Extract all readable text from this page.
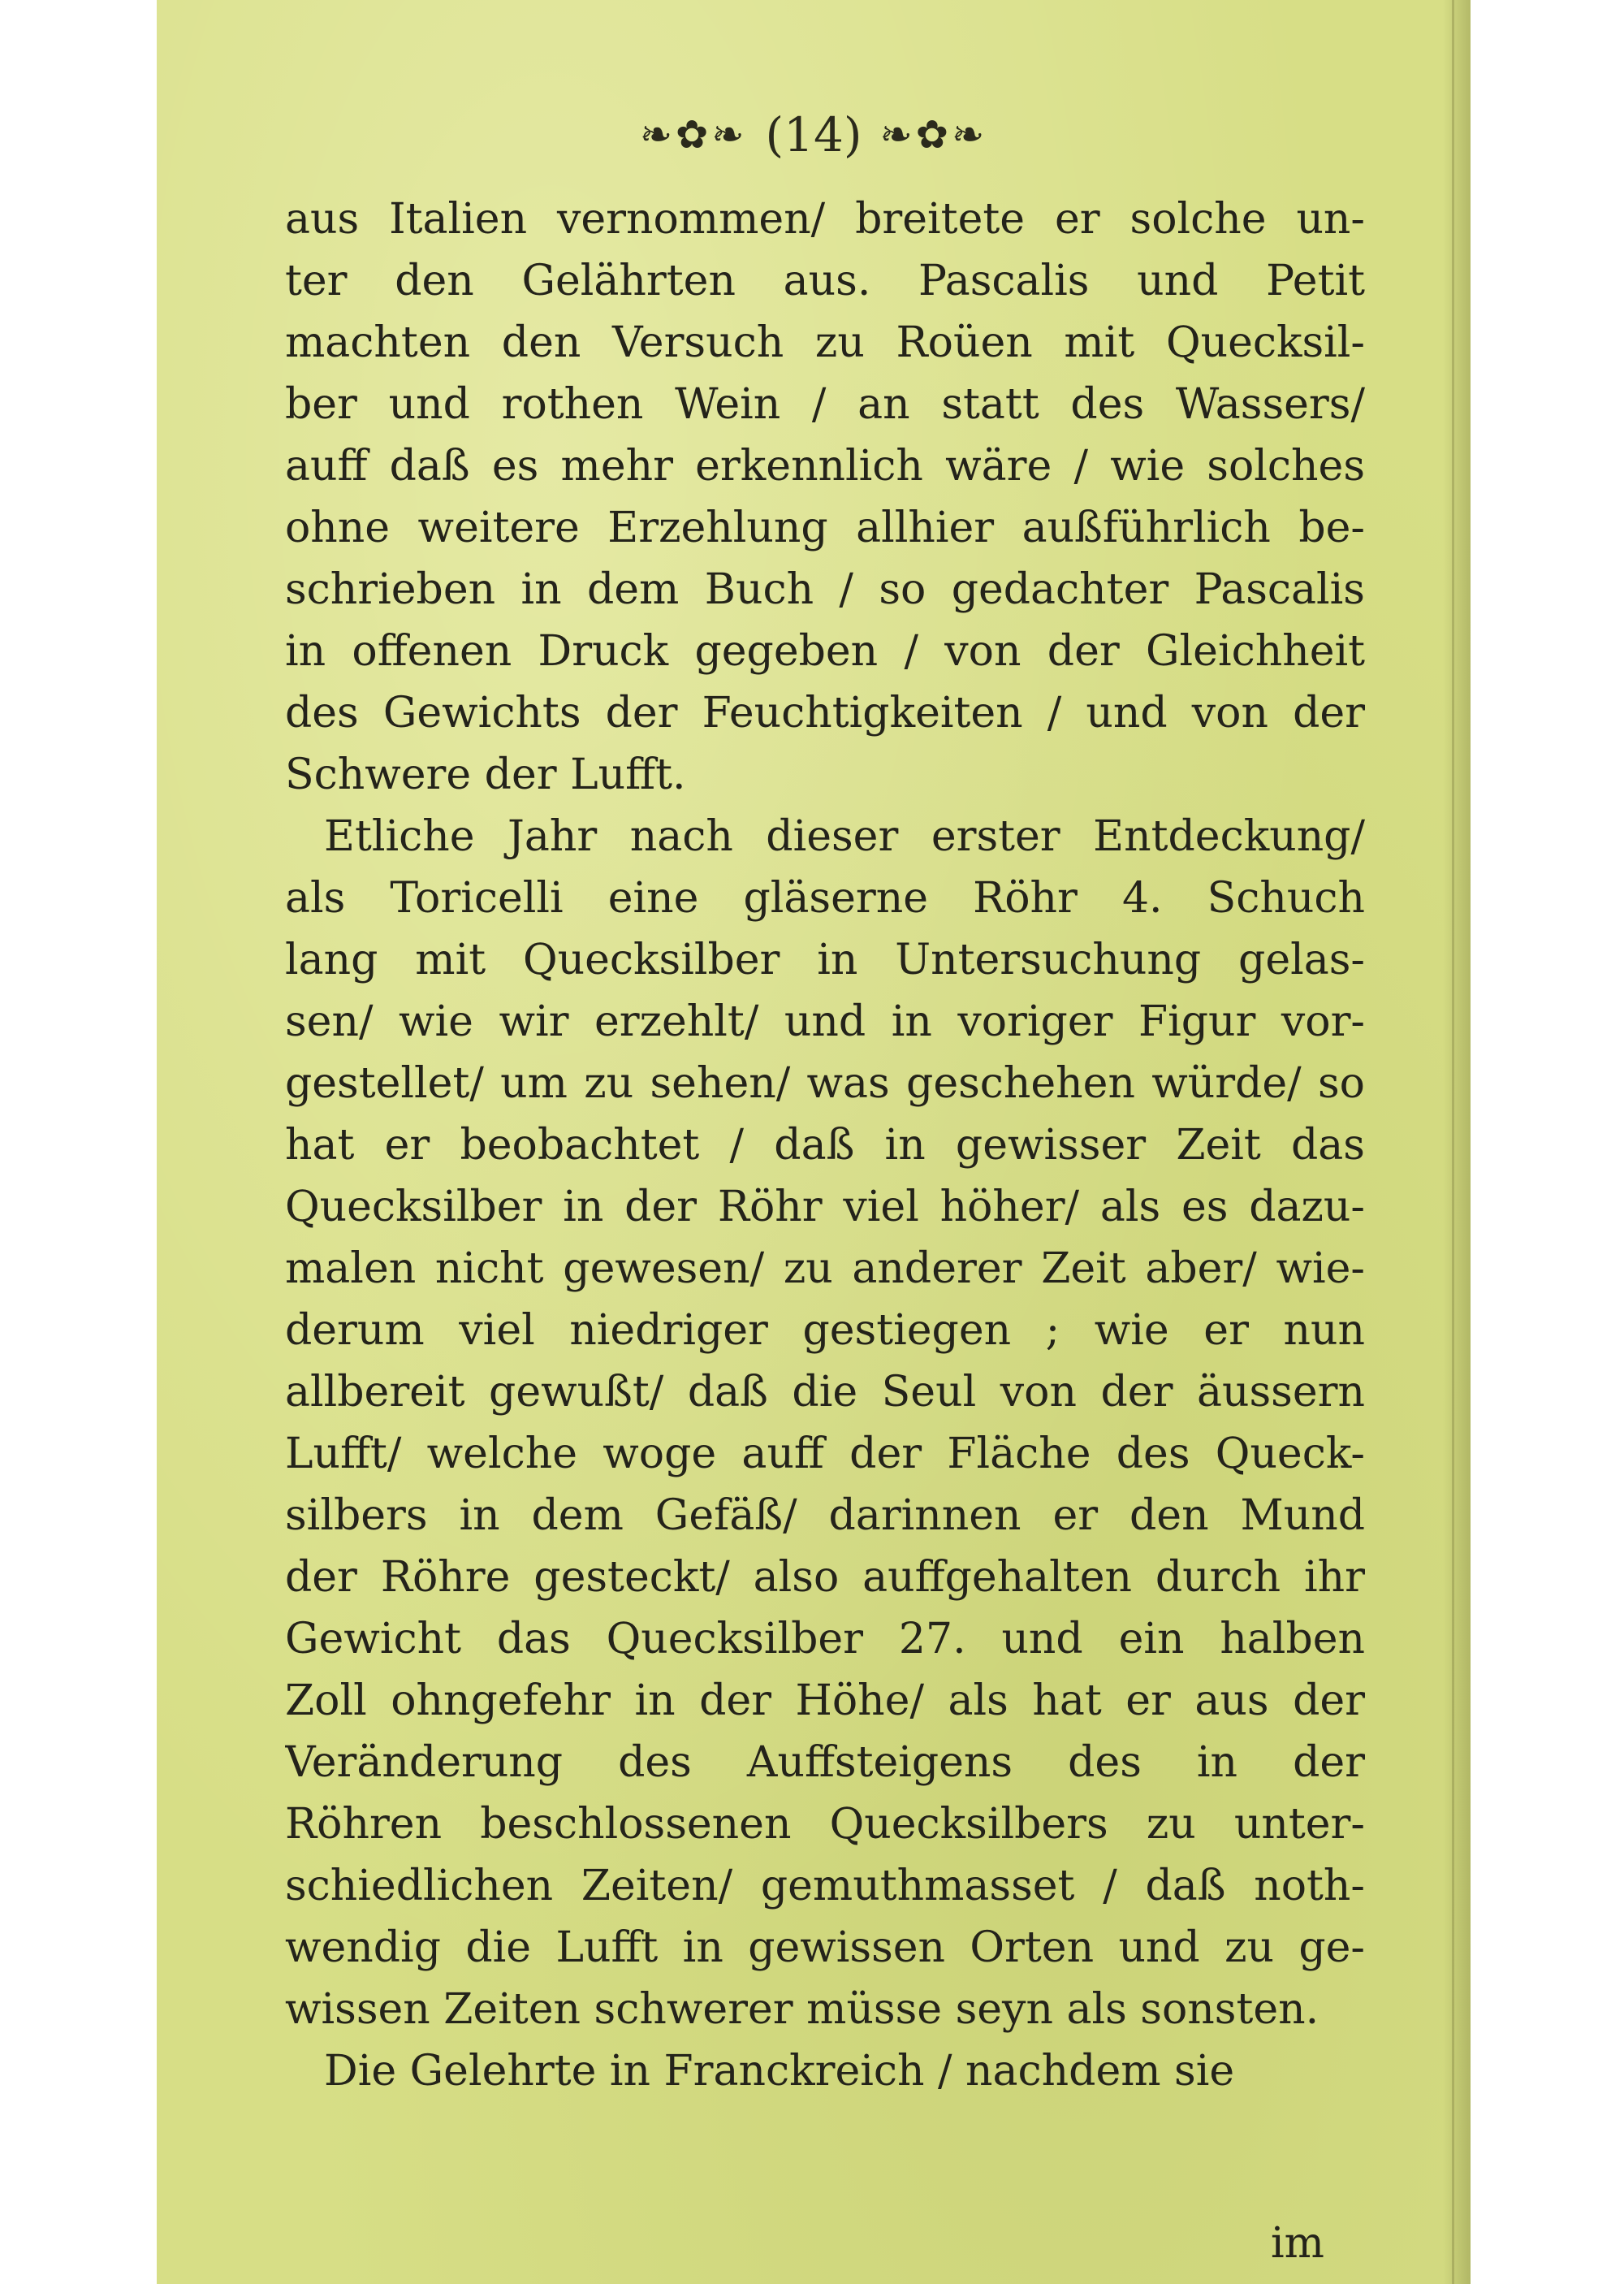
❧✿❧ (14) ❧✿❧
aus Italien vernommen/ breitete er solche un-
ter den Gelährten aus. Pascalis und Petit
machten den Versuch zu Roüen mit Quecksil-
ber und rothen Wein / an statt des Wassers/
auff daß es mehr erkennlich wäre / wie solches
ohne weitere Erzehlung allhier außführlich be-
schrieben in dem Buch / so gedachter Pascalis
in offenen Druck gegeben / von der Gleichheit
des Gewichts der Feuchtigkeiten / und von der
Schwere der Lufft.
Etliche Jahr nach dieser erster Entdeckung/
als Toricelli eine gläserne Röhr 4. Schuch
lang mit Quecksilber in Untersuchung gelas-
sen/ wie wir erzehlt/ und in voriger Figur vor-
gestellet/ um zu sehen/ was geschehen würde/ so
hat er beobachtet / daß in gewisser Zeit das
Quecksilber in der Röhr viel höher/ als es dazu-
malen nicht gewesen/ zu anderer Zeit aber/ wie-
derum viel niedriger gestiegen ; wie er nun
allbereit gewußt/ daß die Seul von der äussern
Lufft/ welche woge auff der Fläche des Queck-
silbers in dem Gefäß/ darinnen er den Mund
der Röhre gesteckt/ also auffgehalten durch ihr
Gewicht das Quecksilber 27. und ein halben
Zoll ohngefehr in der Höhe/ als hat er aus der
Veränderung des Auffsteigens des in der
Röhren beschlossenen Quecksilbers zu unter-
schiedlichen Zeiten/ gemuthmasset / daß noth-
wendig die Lufft in gewissen Orten und zu ge-
wissen Zeiten schwerer müsse seyn als sonsten.
Die Gelehrte in Franckreich / nachdem sie
im
